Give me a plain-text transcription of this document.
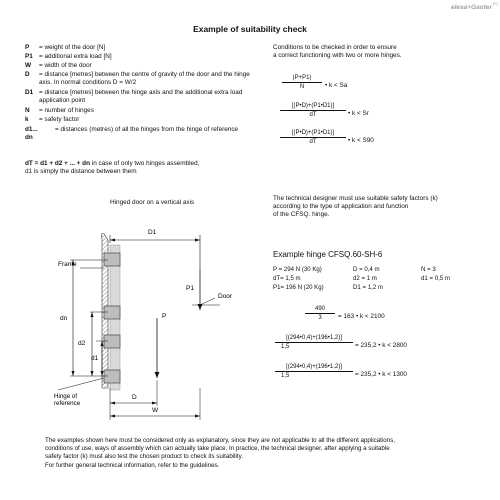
elesa+Ganter EG
Example of suitability check
P = weight of the door [N]
P1 = additional extra load [N]
W = width of the door
D = distance [metres] between the centre of gravity of the door and the hinge axis. In normal conditions D = W/2
D1 = distance [metres] between the hinge axis and the additional extra load application point
N = number of hinges
k = safety factor
d1... dn
= distances (metres) of all the hinges from the hinge of reference
dT = d1 + d2 + ... + dn in case of only two hinges assembled,
d1 is simply the distance between them
Conditions to be checked in order to ensure
a correct functioning with two or more hinges.
(P+P1)
N	• k < Sa
[(P•D)+(P1•D1)]
dT	• k < Sr
[(P•D)+(P1•D1)]
dT	• k < S90
The technical designer must use suitable safety factors (k)
according to the type of application and function
of the CFSQ. hinge.
Hinged door on a vertical axis
Frame
D1
P1
Door
P
dn
d2
d1
D
W
Hinge of
reference
Example hinge CFSQ.60-SH-6
P = 294 N (30 Kg)	D = 0,4 m	N = 3
dT= 1,5 m	d2 = 1 m	d1 = 0,5 m
P1= 196 N (20 Kg)	D1 = 1,2 m
490
3	= 163 • k < 2100
[(294•0,4)+(196•1,2)]
1,5	= 235,2 • k < 2800
[(294•0,4)+(196•1,2)]
1,5	= 235,2 • k < 1300
The examples shown here must be considered only as explanatory, since they are not applicable to all the different applications,
conditions of use, ways of assembly which can actually take place. In practice, the technical designer, after applying a suitable
safety factor (k) must also test the chosen product to check its suitability.
For further general technical information, refer to the guidelines.
